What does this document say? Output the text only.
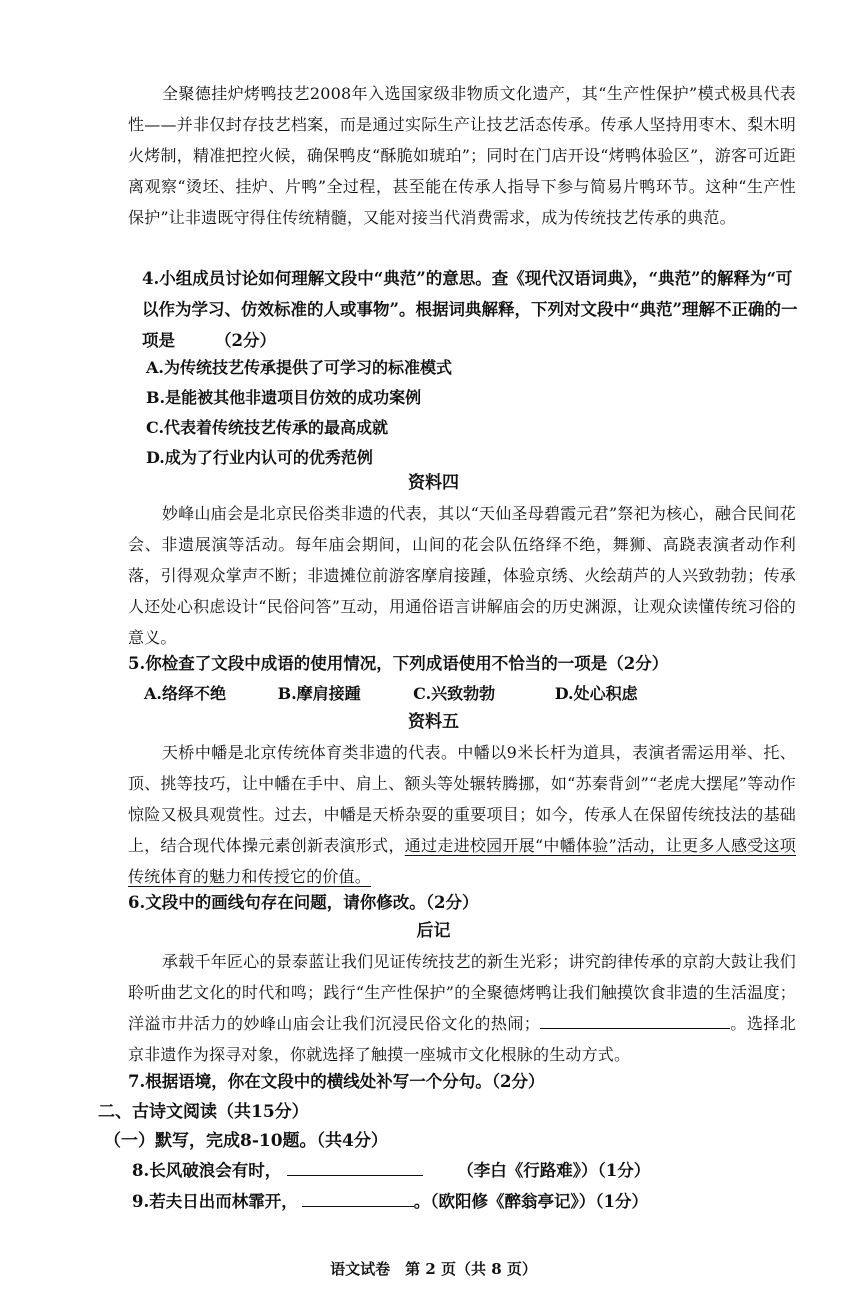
全聚德挂炉烤鸭技艺2008年入选国家级非物质文化遗产，其“生产性保护”模式极具代表性——并非仅封存技艺档案，而是通过实际生产让技艺活态传承。传承人坚持用枣木、梨木明火烤制，精准把控火候，确保鸭皮“酥脆如琥珀”；同时在门店开设“烤鸭体验区”，游客可近距离观察“烫坯、挂炉、片鸭”全过程，甚至能在传承人指导下参与简易片鸭环节。这种“生产性保护”让非遗既守得住传统精髓，又能对接当代消费需求，成为传统技艺传承的典范。

4.小组成员讨论如何理解文段中“典范”的意思。查《现代汉语词典》，“典范”的解释为“可以作为学习、仿效标准的人或事物”。根据词典解释，下列对文段中“典范”理解不正确的一项是 （2分）

A.为传统技艺传承提供了可学习的标准模式
B.是能被其他非遗项目仿效的成功案例
C.代表着传统技艺传承的最高成就
D.成为了行业内认可的优秀范例
资料四

妙峰山庙会是北京民俗类非遗的代表，其以“天仙圣母碧霞元君”祭祀为核心，融合民间花会、非遗展演等活动。每年庙会期间，山间的花会队伍络绎不绝，舞狮、高跷表演者动作利落，引得观众掌声不断；非遗摊位前游客摩肩接踵，体验京绣、火绘葫芦的人兴致勃勃；传承人还处心积虑设计“民俗问答”互动，用通俗语言讲解庙会的历史渊源，让观众读懂传统习俗的意义。

5.你检查了文段中成语的使用情况，下列成语使用不恰当的一项是（2分）
A.络绎不绝	B.摩肩接踵	C.兴致勃勃	D.处心积虑
资料五

天桥中幡是北京传统体育类非遗的代表。中幡以9米长杆为道具，表演者需运用举、托、顶、挑等技巧，让中幡在手中、肩上、额头等处辗转腾挪，如“苏秦背剑”“老虎大摆尾”等动作惊险又极具观赏性。过去，中幡是天桥杂耍的重要项目；如今，传承人在保留传统技法的基础上，结合现代体操元素创新表演形式，通过走进校园开展“中幡体验”活动，让更多人感受这项传统体育的魅力和传授它的价值。

6.文段中的画线句存在问题，请你修改。（2分）
后记

承载千年匠心的景泰蓝让我们见证传统技艺的新生光彩；讲究韵律传承的京韵大鼓让我们聆听曲艺文化的时代和鸣；践行“生产性保护”的全聚德烤鸭让我们触摸饮食非遗的生活温度；洋溢市井活力的妙峰山庙会让我们沉浸民俗文化的热闹；	。选择北京非遗作为探寻对象，你就选择了触摸一座城市文化根脉的生动方式。

7.根据语境，你在文段中的横线处补写一个分句。（2分）
二、古诗文阅读（共15分）
（一）默写，完成8-10题。（共4分）
8.长风破浪会有时，	（李白《行路难》）（1分）
9.若夫日出而林霏开，	。（欧阳修《醉翁亭记》）（1分）
语文试卷　第 2 页（共 8 页）
